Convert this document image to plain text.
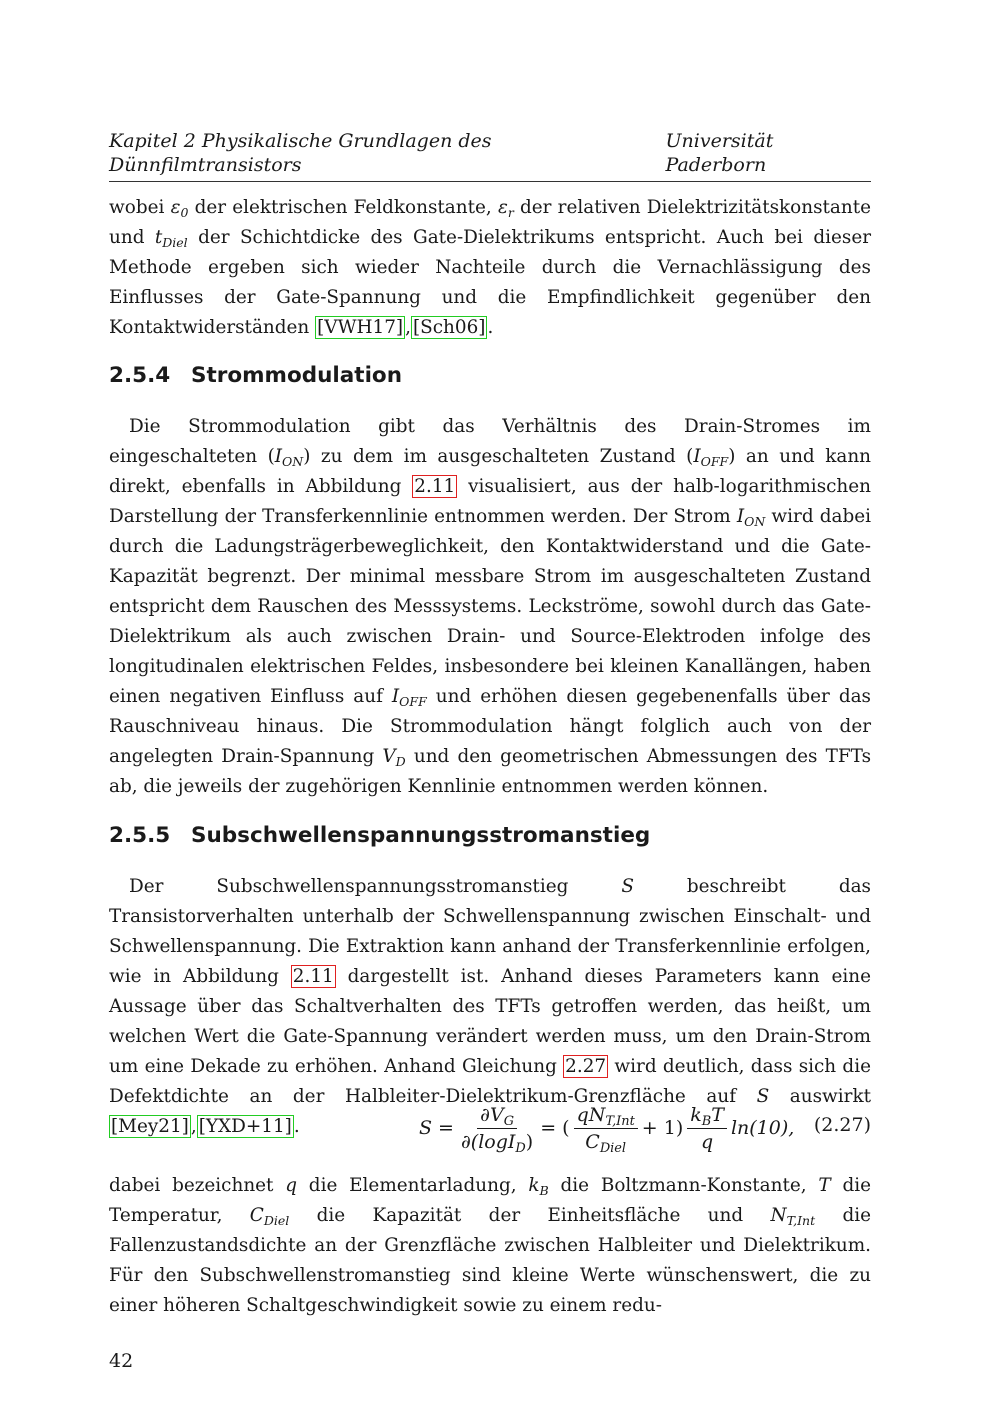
Kapitel 2 Physikalische Grundlagen des Dünnfilmtransistors
Universität Paderborn

wobei $\varepsilon_0$ der elektrischen Feldkonstante, $\varepsilon_r$ der relativen Dielektrizitätskonstante und $t_{Diel}$ der Schichtdicke des Gate-Dielektrikums entspricht. Auch bei dieser Methode ergeben sich wieder Nachteile durch die Vernachlässigung des Einflusses der Gate-Spannung und die Empfindlichkeit gegenüber den Kontaktwiderständen [VWH17] , [Sch06] .

2.5.4 Strommodulation

Die Strommodulation gibt das Verhältnis des Drain-Stromes im eingeschalteten $(I_{ON})$ zu dem im ausgeschalteten Zustand $(I_{OFF})$ an und kann direkt, ebenfalls in Abbildung 2.11 visualisiert, aus der halb-logarithmischen Darstellung der Transferkennlinie entnommen werden. Der Strom $I_{ON}$ wird dabei durch die Ladungsträgerbeweglichkeit, den Kontaktwiderstand und die Gate-Kapazität begrenzt. Der minimal messbare Strom im ausgeschalteten Zustand entspricht dem Rauschen des Messsystems. Leckströme, sowohl durch das Gate-Dielektrikum als auch zwischen Drain- und Source-Elektroden infolge des longitudinalen elektrischen Feldes, insbesondere bei kleinen Kanallängen, haben einen negativen Einfluss auf $I_{OFF}$ und erhöhen diesen gegebenenfalls über das Rauschniveau hinaus. Die Strommodulation hängt folglich auch von der angelegten Drain-Spannung $V_D$ und den geometrischen Abmessungen des TFTs ab, die jeweils der zugehörigen Kennlinie entnommen werden können.

2.5.5 Subschwellenspannungsstromanstieg

Der Subschwellenspannungsstromanstieg S beschreibt das Transistorverhalten unterhalb der Schwellenspannung zwischen Einschalt- und Schwellenspannung. Die Extraktion kann anhand der Transferkennlinie erfolgen, wie in Abbildung 2.11 dargestellt ist. Anhand dieses Parameters kann eine Aussage über das Schaltverhalten des TFTs getroffen werden, das heißt, um welchen Wert die Gate-Spannung verändert werden muss, um den Drain-Strom um eine Dekade zu erhöhen. Anhand Gleichung 2.27 wird deutlich, dass sich die Defektdichte an der Halbleiter-Dielektrikum-Grenzfläche auf S auswirkt [Mey21] , [YXD+11] .	$S = \frac{\partial V_G}{\partial(\log I_D)}$ = ( $\frac{qN_{T,Int}}{C_{Diel}} + 1) \frac{k_BT}{q} \ln(10)$, (2.27)

dabei bezeichnet q die Elementarladung, $k_B$ die Boltzmann-Konstante, T die Temperatur, $C_{Diel}$ die Kapazität der Einheitsfläche und $N_{T,Int}$ die Fallenzustandsdichte an der Grenzfläche zwischen Halbleiter und Dielektrikum. Für den Subschwellenstromanstieg sind kleine Werte wünschenswert, die zu einer höheren Schaltgeschwindigkeit sowie zu einem redu-

42
